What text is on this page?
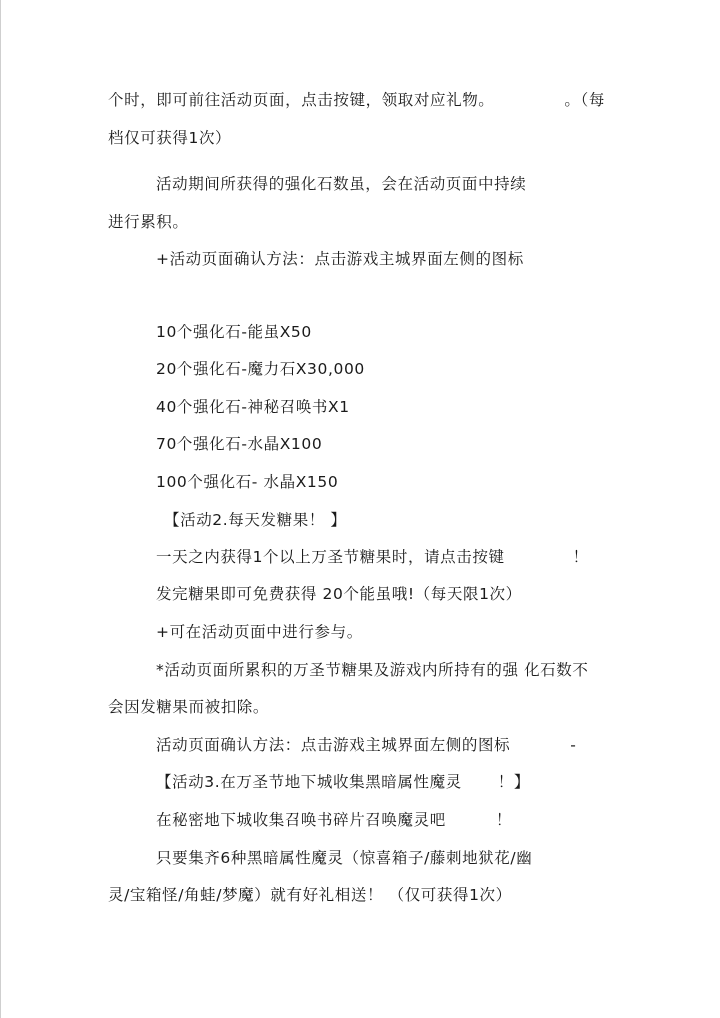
个时，即可前往活动页面，点击按键，领取对应礼物。	。（每
档仅可获得1次）
活动期间所获得的强化石数虽，会在活动页面中持续
进行累积。
+活动页面确认方法：点击游戏主城界面左侧的图标
10个强化石-能虽X50
20个强化石-魔力石X30,000
40个强化石-神秘召唤书X1
70个强化石-水晶X100
100个强化石- 水晶X150
【活动2.每天发糖果！ 】
一天之内获得1个以上万圣节糖果时，请点击按键	！
发完糖果即可免费获得 20个能虽哦!（每天限1次）
+可在活动页面中进行参与。
*活动页面所累积的万圣节糖果及游戏内所持有的强 化石数不
会因发糖果而被扣除。
活动页面确认方法：点击游戏主城界面左侧的图标	-
【活动3.在万圣节地下城收集黑暗属性魔灵 ！】
在秘密地下城收集召唤书碎片召唤魔灵吧	！
只要集齐6种黑暗属性魔灵（惊喜箱子/藤刺地狱花/幽
灵/宝箱怪/角蛙/梦魔）就有好礼相送！ （仅可获得1次）
